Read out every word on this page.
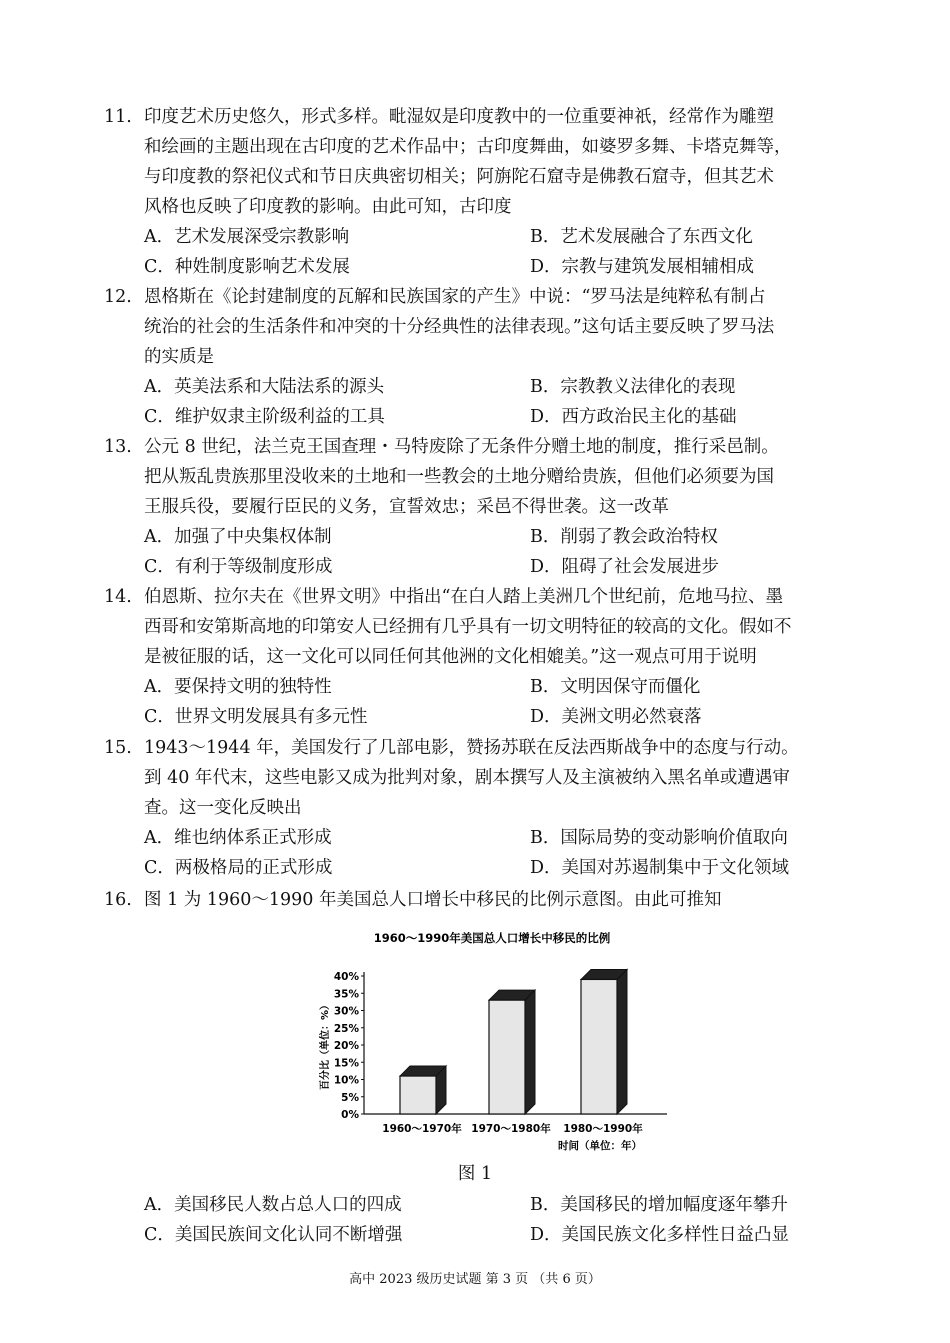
11. 印度艺术历史悠久，形式多样。毗湿奴是印度教中的一位重要神祇，经常作为雕塑
和绘画的主题出现在古印度的艺术作品中；古印度舞曲，如婆罗多舞、卡塔克舞等，
与印度教的祭祀仪式和节日庆典密切相关；阿旃陀石窟寺是佛教石窟寺，但其艺术
风格也反映了印度教的影响。由此可知，古印度
A．艺术发展深受宗教影响	B．艺术发展融合了东西文化
C．种姓制度影响艺术发展	D．宗教与建筑发展相辅相成
12. 恩格斯在《论封建制度的瓦解和民族国家的产生》中说：“罗马法是纯粹私有制占
统治的社会的生活条件和冲突的十分经典性的法律表现。”这句话主要反映了罗马法
的实质是
A．英美法系和大陆法系的源头	B．宗教教义法律化的表现
C．维护奴隶主阶级利益的工具	D．西方政治民主化的基础
13. 公元 8 世纪，法兰克王国查理・马特废除了无条件分赠土地的制度，推行采邑制。
把从叛乱贵族那里没收来的土地和一些教会的土地分赠给贵族，但他们必须要为国
王服兵役，要履行臣民的义务，宣誓效忠；采邑不得世袭。这一改革
A．加强了中央集权体制	B．削弱了教会政治特权
C．有利于等级制度形成	D．阻碍了社会发展进步
14. 伯恩斯、拉尔夫在《世界文明》中指出“在白人踏上美洲几个世纪前，危地马拉、墨
西哥和安第斯高地的印第安人已经拥有几乎具有一切文明特征的较高的文化。假如不
是被征服的话，这一文化可以同任何其他洲的文化相媲美。”这一观点可用于说明
A．要保持文明的独特性	B．文明因保守而僵化
C．世界文明发展具有多元性	D．美洲文明必然衰落
15. 1943～1944 年，美国发行了几部电影，赞扬苏联在反法西斯战争中的态度与行动。
到 40 年代末，这些电影又成为批判对象，剧本撰写人及主演被纳入黑名单或遭遇审
查。这一变化反映出
A．维也纳体系正式形成	B．国际局势的变动影响价值取向
C．两极格局的正式形成	D．美国对苏遏制集中于文化领域
16. 图 1 为 1960～1990 年美国总人口增长中移民的比例示意图。由此可推知
1960～1990年美国总人口增长中移民的比例
百分比（单位：%）
0%
5%
10%
15%
20%
25%
30%
35%
40%
1960～1970年 1970～1980年 1980～1990年
时间（单位：年）
图 1
A．美国移民人数占总人口的四成	B．美国移民的增加幅度逐年攀升
C．美国民族间文化认同不断增强	D．美国民族文化多样性日益凸显
高中 2023 级历史试题 第 3 页 （共 6 页）
